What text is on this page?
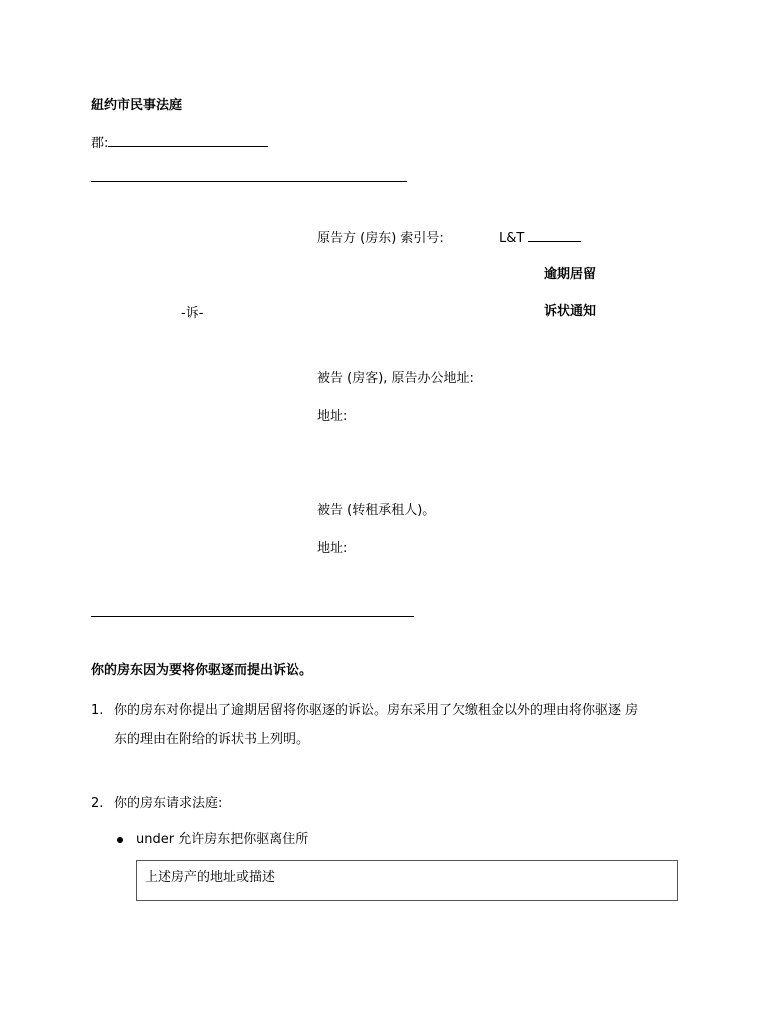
紐约市民事法庭
郡:
原告方 (房东) 索引号:	L&T
逾期居留
诉状通知
-诉-
被告 (房客), 原告办公地址:
地址:
被告 (转租承租人)。
地址:
你的房东因为要将你驱逐而提出诉讼。
1. 你的房东对你提出了逾期居留将你驱逐的诉讼。房东采用了欠缴租金以外的理由将你驱逐 房
东的理由在附给的诉状书上列明。
2. 你的房东请求法庭:
under 允许房东把你驱离住所
上述房产的地址或描述
